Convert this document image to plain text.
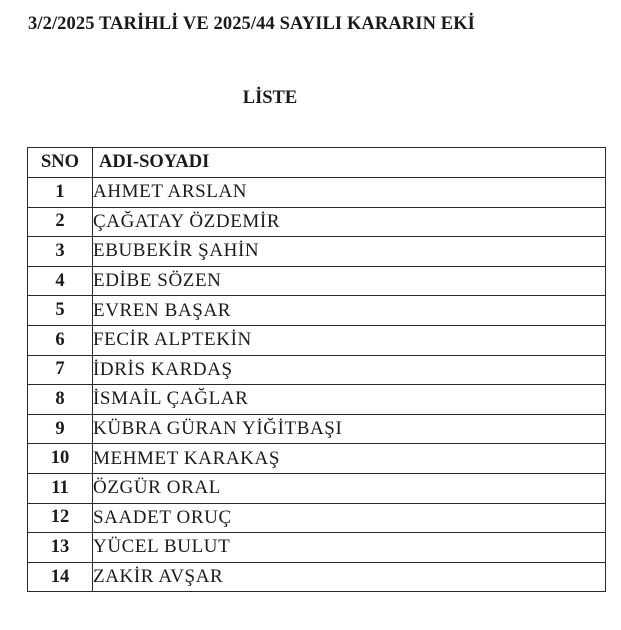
3/2/2025 TARİHLİ VE 2025/44 SAYILI KARARIN EKİ
LİSTE
SNO	ADI-SOYADI
1	AHMET ARSLAN
2	ÇAĞATAY ÖZDEMİR
3	EBUBEKİR ŞAHİN
4	EDİBE SÖZEN
5	EVREN BAŞAR
6	FECİR ALPTEKİN
7	İDRİS KARDAŞ
8	İSMAİL ÇAĞLAR
9	KÜBRA GÜRAN YİĞİTBAŞI
10	MEHMET KARAKAŞ
11	ÖZGÜR ORAL
12	SAADET ORUÇ
13	YÜCEL BULUT
14	ZAKİR AVŞAR
